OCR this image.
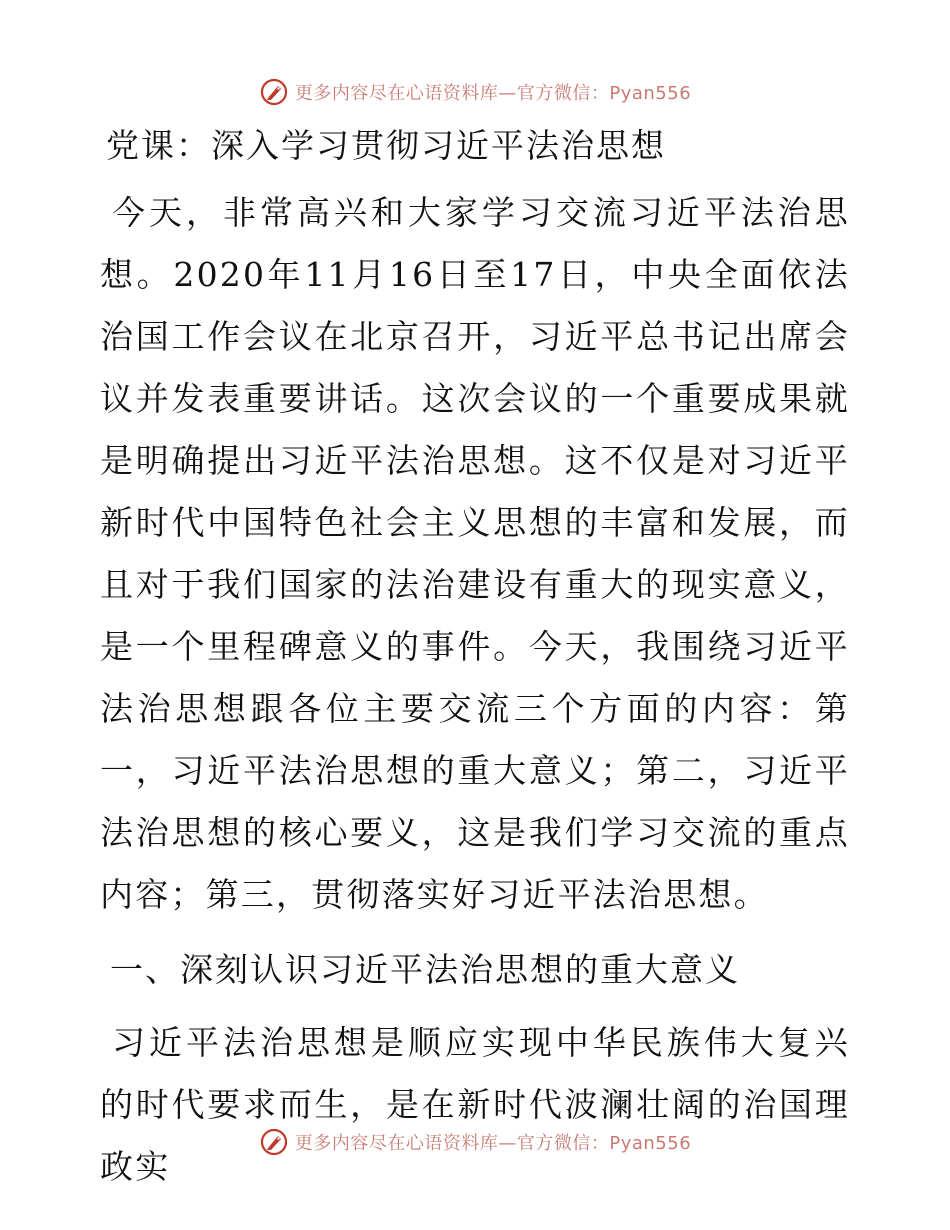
更多内容尽在心语资料库—官方微信：Pyan556
党课：深入学习贯彻习近平法治思想

今天，非常高兴和大家学习交流习近平法治思想。2020年11月16日至17日，中央全面依法治国工作会议在北京召开，习近平总书记出席会议并发表重要讲话。这次会议的一个重要成果就是明确提出习近平法治思想。这不仅是对习近平新时代中国特色社会主义思想的丰富和发展，而且对于我们国家的法治建设有重大的现实意义，是一个里程碑意义的事件。今天，我围绕习近平法治思想跟各位主要交流三个方面的内容：第一，习近平法治思想的重大意义；第二，习近平法治思想的核心要义，这是我们学习交流的重点内容；第三，贯彻落实好习近平法治思想。

一、深刻认识习近平法治思想的重大意义

习近平法治思想是顺应实现中华民族伟大复兴的时代要求而生，是在新时代波澜壮阔的治国理政实

更多内容尽在心语资料库—官方微信：Pyan556
